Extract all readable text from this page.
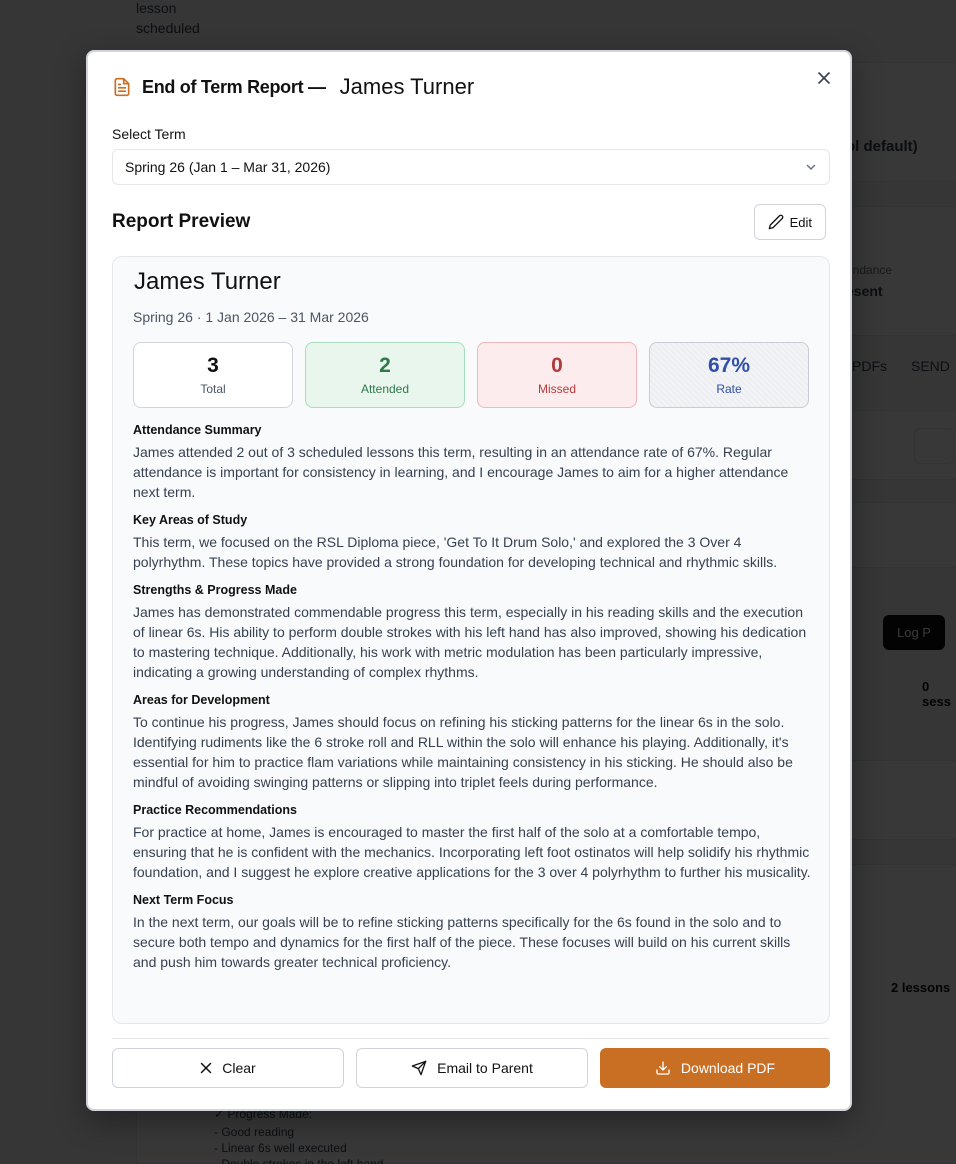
End of Term Report — James Turner
Select Term
Spring 26 (Jan 1 – Mar 31, 2026)
Report Preview	Edit
James Turner
Spring 26 · 1 Jan 2026 – 31 Mar 2026
3
Total
2
Attended
0
Missed
67%
Rate
Attendance Summary

James attended 2 out of 3 scheduled lessons this term, resulting in an attendance rate of 67%. Regular attendance is important for consistency in learning, and I encourage James to aim for a higher attendance next term.

Key Areas of Study

This term, we focused on the RSL Diploma piece, 'Get To It Drum Solo,' and explored the 3 Over 4 polyrhythm. These topics have provided a strong foundation for developing technical and rhythmic skills.

Strengths & Progress Made

James has demonstrated commendable progress this term, especially in his reading skills and the execution of linear 6s. His ability to perform double strokes with his left hand has also improved, showing his dedication to mastering technique. Additionally, his work with metric modulation has been particularly impressive, indicating a growing understanding of complex rhythms.

Areas for Development

To continue his progress, James should focus on refining his sticking patterns for the linear 6s in the solo. Identifying rudiments like the 6 stroke roll and RLL within the solo will enhance his playing. Additionally, it's essential for him to practice flam variations while maintaining consistency in his sticking. He should also be mindful of avoiding swinging patterns or slipping into triplet feels during performance.

Practice Recommendations

For practice at home, James is encouraged to master the first half of the solo at a comfortable tempo, ensuring that he is confident with the mechanics. Incorporating left foot ostinatos will help solidify his rhythmic foundation, and I suggest he explore creative applications for the 3 over 4 polyrhythm to further his musicality.

Next Term Focus

In the next term, our goals will be to refine sticking patterns specifically for the 6s found in the solo and to secure both tempo and dynamics for the first half of the piece. These focuses will build on his current skills and push him towards greater technical proficiency.

Clear	Email to Parent	Download PDF
